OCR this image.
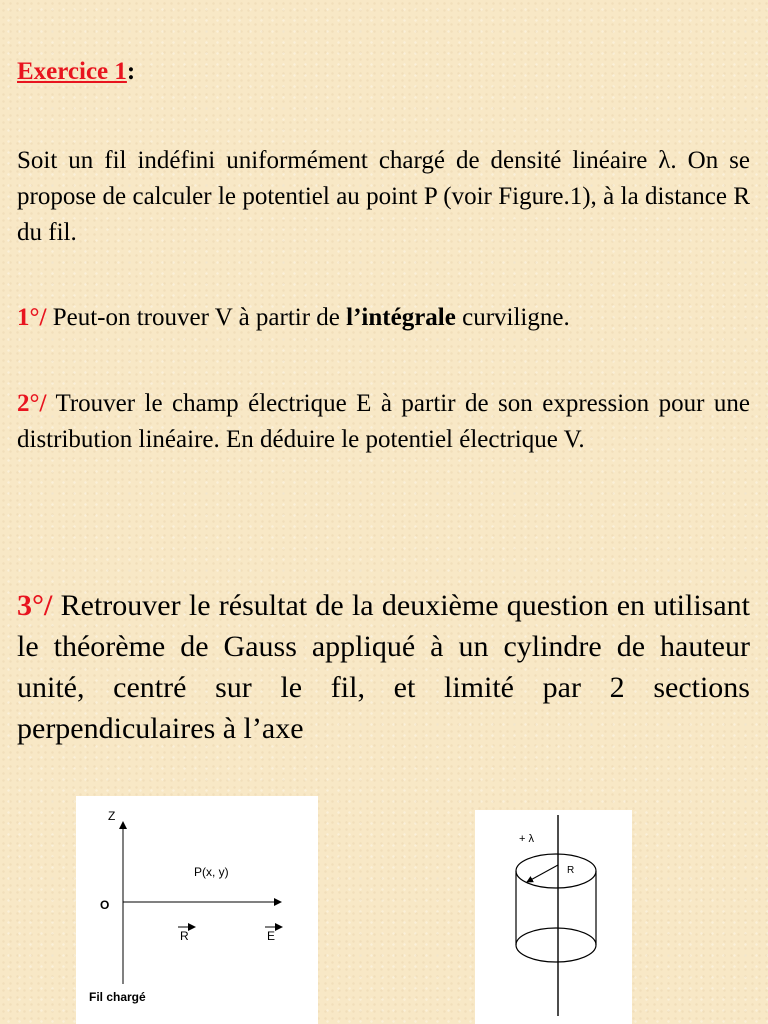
Exercice 1:

Soit un fil indéfini uniformément chargé de densité linéaire λ. On se propose de calculer le potentiel au point P (voir Figure.1), à la distance R du fil.

1°/ Peut-on trouver V à partir de l’intégrale curviligne.

2°/ Trouver le champ électrique E à partir de son expression pour une distribution linéaire. En déduire le potentiel électrique V.

3°/ Retrouver le résultat de la deuxième question en utilisant le théorème de Gauss appliqué à un cylindre de hauteur unité, centré sur le fil, et limité par 2 sections perpendiculaires à l’axe

Z
O
P(x, y)
R	E
Fil chargé
+ λ
R
